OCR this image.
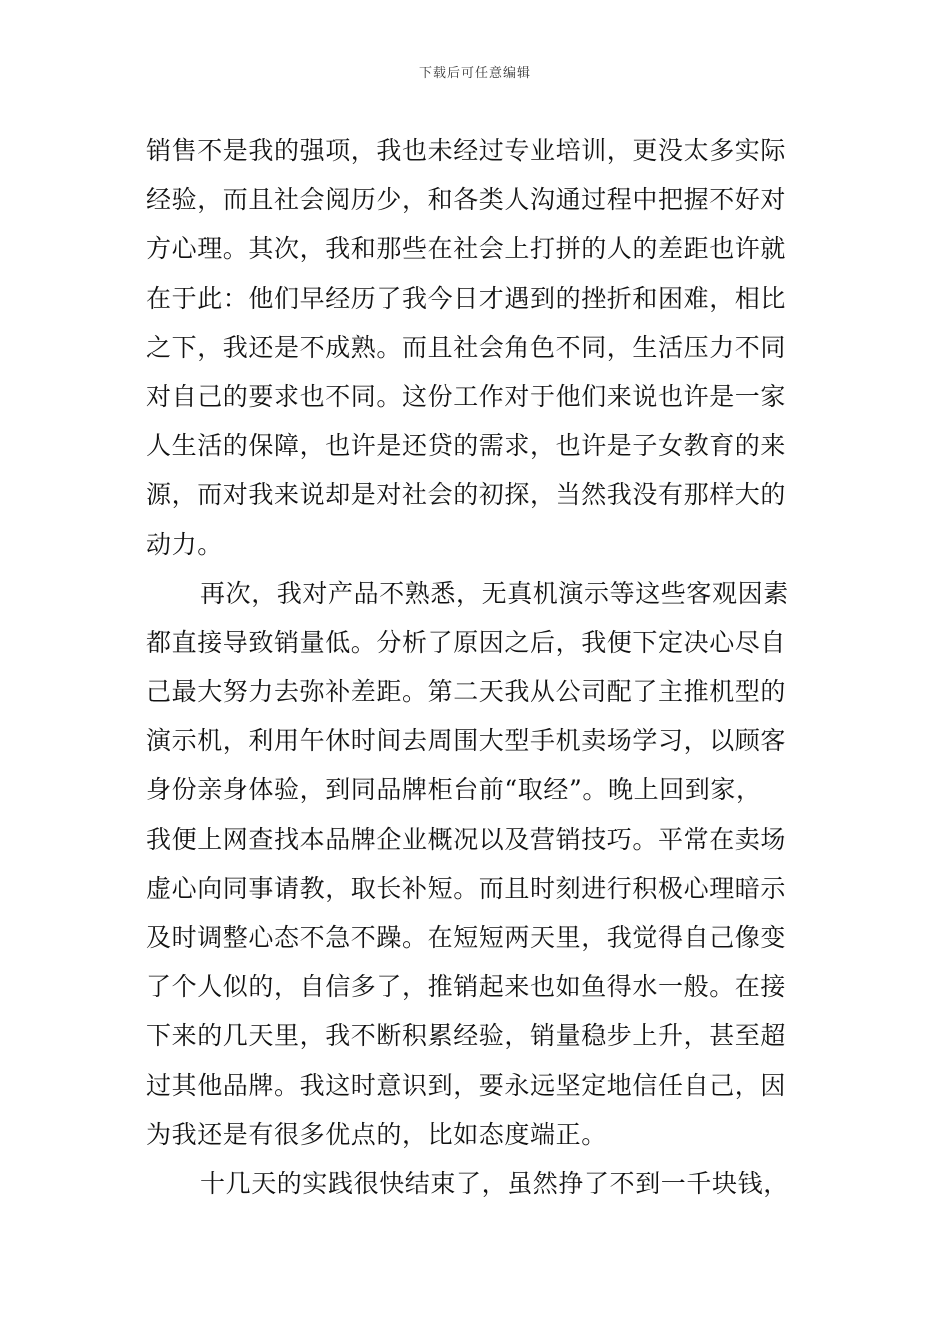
下载后可任意编辑
销售不是我的强项，我也未经过专业培训，更没太多实际
经验，而且社会阅历少，和各类人沟通过程中把握不好对
方心理。其次，我和那些在社会上打拼的人的差距也许就
在于此：他们早经历了我今日才遇到的挫折和困难，相比
之下，我还是不成熟。而且社会角色不同，生活压力不同
对自己的要求也不同。这份工作对于他们来说也许是一家
人生活的保障，也许是还贷的需求，也许是子女教育的来
源，而对我来说却是对社会的初探，当然我没有那样大的
动力。
再次，我对产品不熟悉，无真机演示等这些客观因素
都直接导致销量低。分析了原因之后，我便下定决心尽自
己最大努力去弥补差距。第二天我从公司配了主推机型的
演示机，利用午休时间去周围大型手机卖场学习，以顾客
身份亲身体验，到同品牌柜台前“取经”。晚上回到家，
我便上网查找本品牌企业概况以及营销技巧。平常在卖场
虚心向同事请教，取长补短。而且时刻进行积极心理暗示
及时调整心态不急不躁。在短短两天里，我觉得自己像变
了个人似的，自信多了，推销起来也如鱼得水一般。在接
下来的几天里，我不断积累经验，销量稳步上升，甚至超
过其他品牌。我这时意识到，要永远坚定地信任自己，因
为我还是有很多优点的，比如态度端正。
十几天的实践很快结束了，虽然挣了不到一千块钱，
